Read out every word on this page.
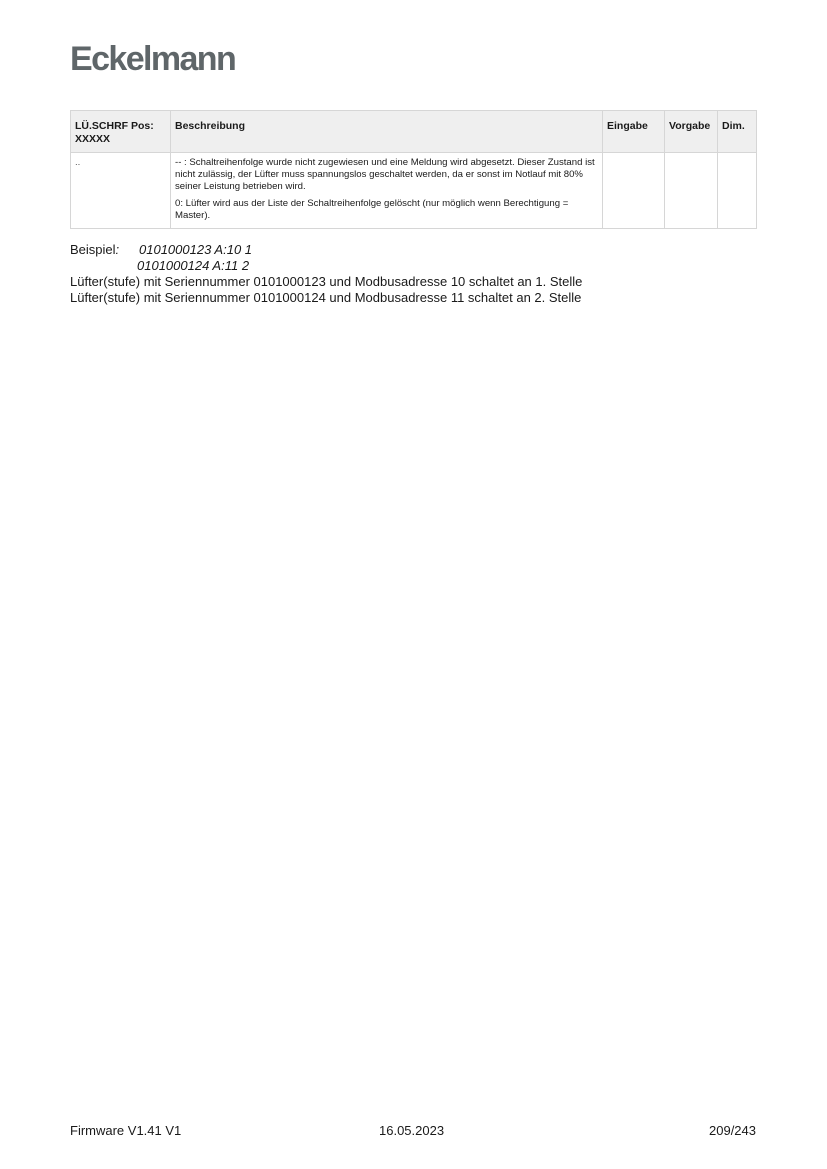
Eckelmann
LÜ.SCHRF Pos: XXXXX	Beschreibung	Eingabe	Vorgabe	Dim.
..	-- : Schaltreihenfolge wurde nicht zugewiesen und eine Meldung wird abgesetzt. Dieser Zustand ist nicht zulässig, der Lüfter muss spannungslos geschaltet werden, da er sonst im Notlauf mit 80% seiner Leistung betrieben wird.

0: Lüfter wird aus der Liste der Schaltreihenfolge gelöscht (nur möglich wenn Berechtigung = Master).			

Beispiel: 0101000123 A:10 1
0101000124 A:11 2
Lüfter(stufe) mit Seriennummer 0101000123 und Modbusadresse 10 schaltet an 1. Stelle
Lüfter(stufe) mit Seriennummer 0101000124 und Modbusadresse 11 schaltet an 2. Stelle
Firmware V1.41 V1	16.05.2023	209/243
